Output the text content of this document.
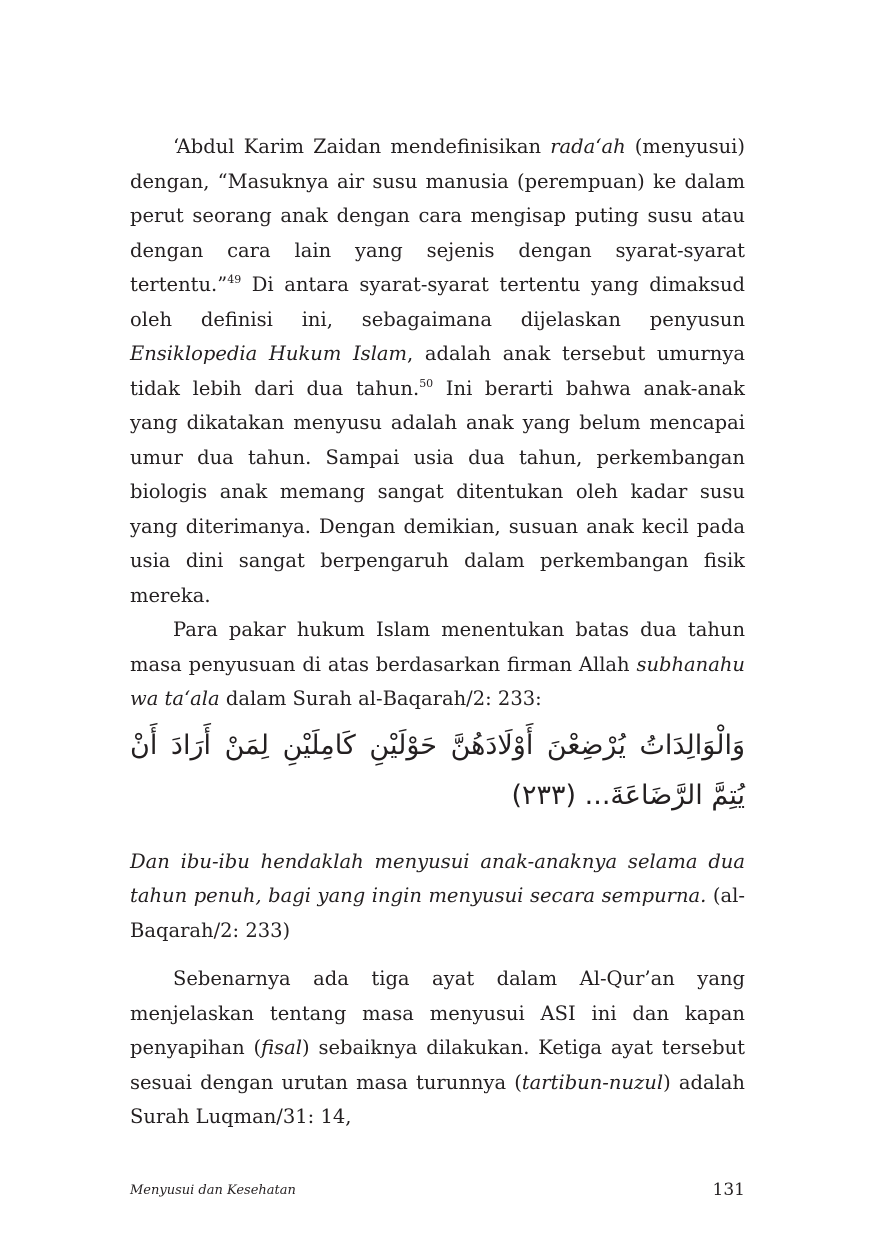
‘Abdul Karim Zaidan mendefinisikan rada‘ah (menyusui) dengan, “Masuknya air susu manusia (perempuan) ke dalam perut seorang anak dengan cara mengisap puting susu atau dengan cara lain yang sejenis dengan syarat-syarat tertentu.”$^{49}$ Di antara syarat-syarat tertentu yang dimaksud oleh definisi ini, sebagaimana dijelaskan penyusun Ensiklopedia Hukum Islam, adalah anak tersebut umurnya tidak lebih dari dua tahun.$^{50}$ Ini berarti bahwa anak-anak yang dikatakan menyusu adalah anak yang belum mencapai umur dua tahun. Sampai usia dua tahun, perkembangan biologis anak memang sangat ditentukan oleh kadar susu yang diterimanya. Dengan demikian, susuan anak kecil pada usia dini sangat berpengaruh dalam perkembangan fisik mereka.

Para pakar hukum Islam menentukan batas dua tahun masa penyusuan di atas berdasarkan firman Allah subhanahu wa ta‘ala dalam Surah al-Baqarah/2: 233:

وَالْوَالِدَاتُ يُرْضِعْنَ أَوْلَادَهُنَّ حَوْلَيْنِ كَامِلَيْنِ لِمَنْ أَرَادَ أَنْ يُتِمَّ الرَّضَاعَةَ... (٢٣٣)

Dan ibu-ibu hendaklah menyusui anak-anaknya selama dua tahun penuh, bagi yang ingin menyusui secara sempurna. (al-Baqarah/2: 233)

Sebenarnya ada tiga ayat dalam Al-Qur’an yang menjelaskan tentang masa menyusui ASI ini dan kapan penyapihan (fisal) sebaiknya dilakukan. Ketiga ayat tersebut sesuai dengan urutan masa turunnya (tartibun-nuzul) adalah Surah Luqman/31: 14,

Menyusui dan Kesehatan	131
